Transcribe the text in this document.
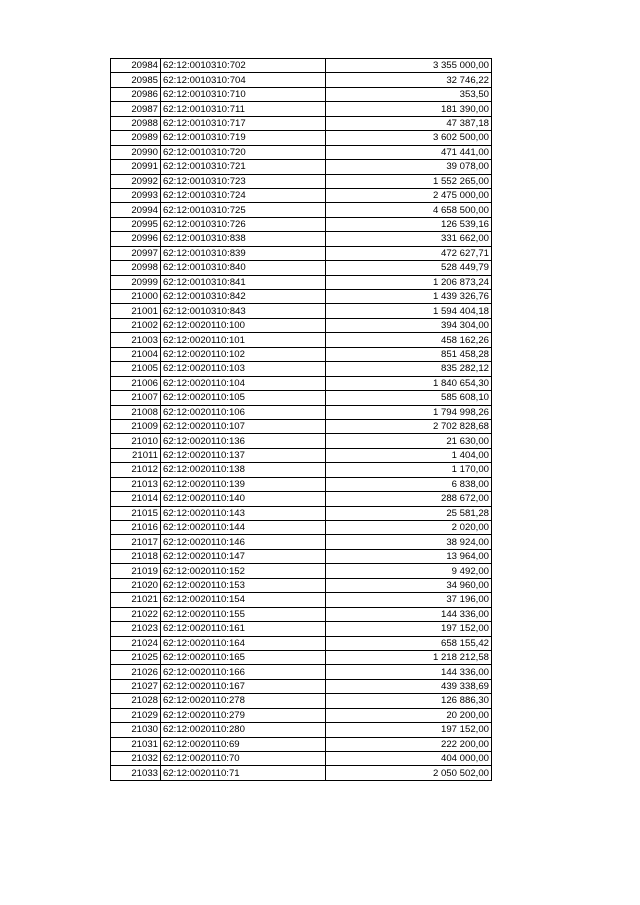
20984	62:12:0010310:702	3 355 000,00
20985	62:12:0010310:704	32 746,22
20986	62:12:0010310:710	353,50
20987	62:12:0010310:711	181 390,00
20988	62:12:0010310:717	47 387,18
20989	62:12:0010310:719	3 602 500,00
20990	62:12:0010310:720	471 441,00
20991	62:12:0010310:721	39 078,00
20992	62:12:0010310:723	1 552 265,00
20993	62:12:0010310:724	2 475 000,00
20994	62:12:0010310:725	4 658 500,00
20995	62:12:0010310:726	126 539,16
20996	62:12:0010310:838	331 662,00
20997	62:12:0010310:839	472 627,71
20998	62:12:0010310:840	528 449,79
20999	62:12:0010310:841	1 206 873,24
21000	62:12:0010310:842	1 439 326,76
21001	62:12:0010310:843	1 594 404,18
21002	62:12:0020110:100	394 304,00
21003	62:12:0020110:101	458 162,26
21004	62:12:0020110:102	851 458,28
21005	62:12:0020110:103	835 282,12
21006	62:12:0020110:104	1 840 654,30
21007	62:12:0020110:105	585 608,10
21008	62:12:0020110:106	1 794 998,26
21009	62:12:0020110:107	2 702 828,68
21010	62:12:0020110:136	21 630,00
21011	62:12:0020110:137	1 404,00
21012	62:12:0020110:138	1 170,00
21013	62:12:0020110:139	6 838,00
21014	62:12:0020110:140	288 672,00
21015	62:12:0020110:143	25 581,28
21016	62:12:0020110:144	2 020,00
21017	62:12:0020110:146	38 924,00
21018	62:12:0020110:147	13 964,00
21019	62:12:0020110:152	9 492,00
21020	62:12:0020110:153	34 960,00
21021	62:12:0020110:154	37 196,00
21022	62:12:0020110:155	144 336,00
21023	62:12:0020110:161	197 152,00
21024	62:12:0020110:164	658 155,42
21025	62:12:0020110:165	1 218 212,58
21026	62:12:0020110:166	144 336,00
21027	62:12:0020110:167	439 338,69
21028	62:12:0020110:278	126 886,30
21029	62:12:0020110:279	20 200,00
21030	62:12:0020110:280	197 152,00
21031	62:12:0020110:69	222 200,00
21032	62:12:0020110:70	404 000,00
21033	62:12:0020110:71	2 050 502,00
